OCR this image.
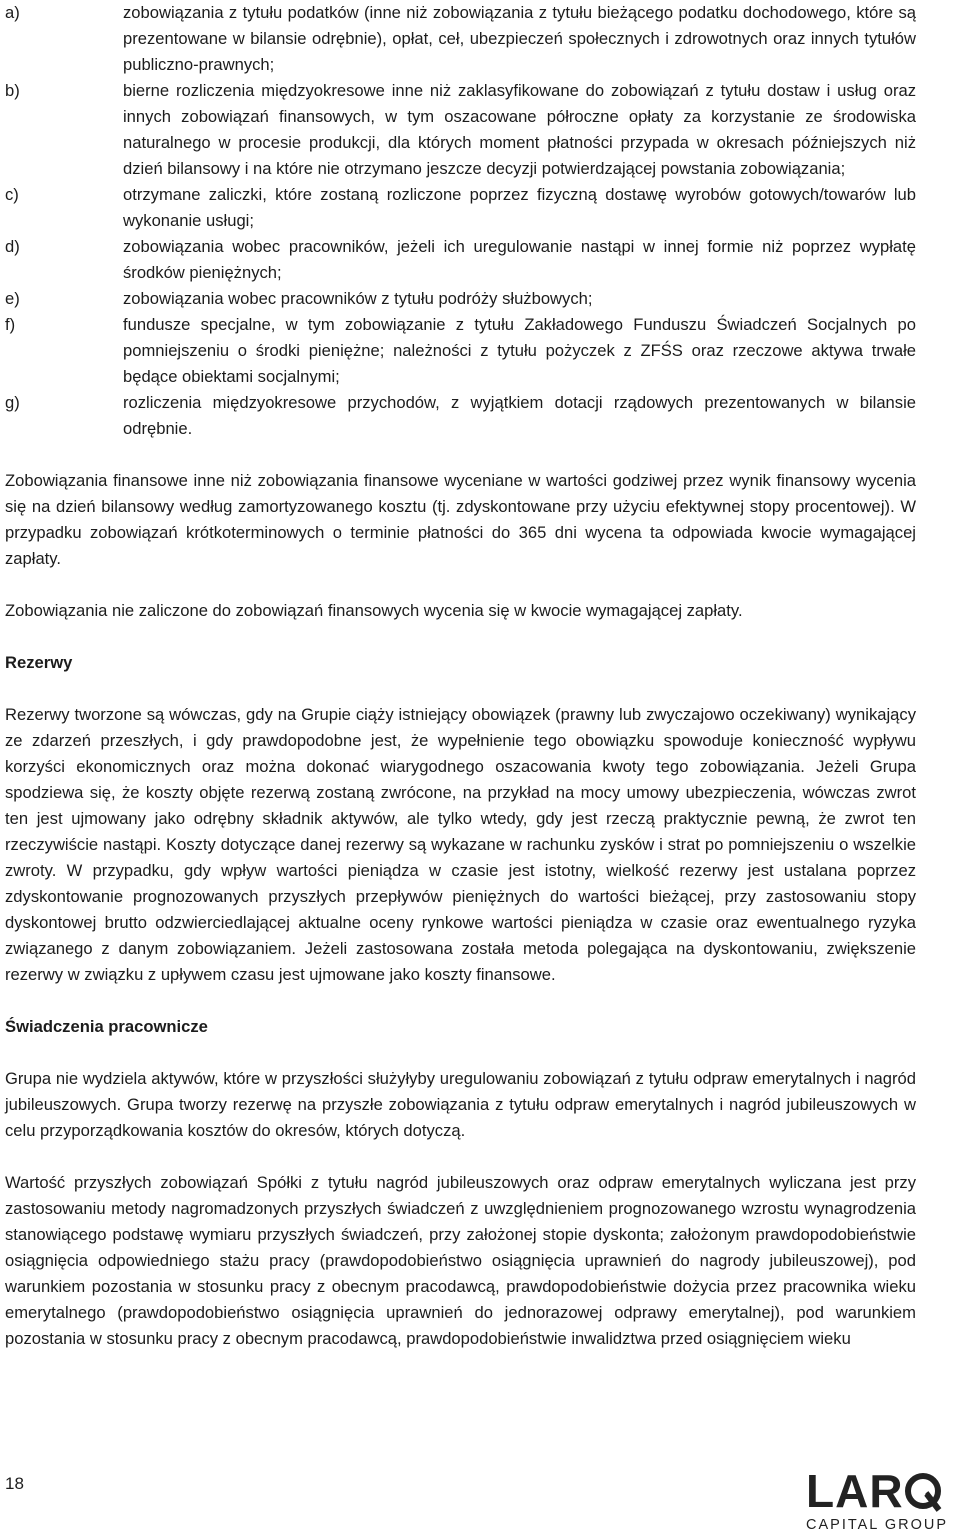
a)	zobowiązania z tytułu podatków (inne niż zobowiązania z tytułu bieżącego podatku dochodowego, które są prezentowane w bilansie odrębnie), opłat, ceł, ubezpieczeń społecznych i zdrowotnych oraz innych tytułów publiczno-prawnych;
b)	bierne rozliczenia międzyokresowe inne niż zaklasyfikowane do zobowiązań z tytułu dostaw i usług oraz innych zobowiązań finansowych, w tym oszacowane półroczne opłaty za korzystanie ze środowiska naturalnego w procesie produkcji, dla których moment płatności przypada w okresach późniejszych niż dzień bilansowy i na które nie otrzymano jeszcze decyzji potwierdzającej powstania zobowiązania;
c)	otrzymane zaliczki, które zostaną rozliczone poprzez fizyczną dostawę wyrobów gotowych/towarów lub wykonanie usługi;
d)	zobowiązania wobec pracowników, jeżeli ich uregulowanie nastąpi w innej formie niż poprzez wypłatę środków pieniężnych;
e)	zobowiązania wobec pracowników z tytułu podróży służbowych;
f)	fundusze specjalne, w tym zobowiązanie z tytułu Zakładowego Funduszu Świadczeń Socjalnych po pomniejszeniu o środki pieniężne; należności z tytułu pożyczek z ZFŚS oraz rzeczowe aktywa trwałe będące obiektami socjalnymi;
g)	rozliczenia międzyokresowe przychodów, z wyjątkiem dotacji rządowych prezentowanych w bilansie odrębnie.

Zobowiązania finansowe inne niż zobowiązania finansowe wyceniane w wartości godziwej przez wynik finansowy wycenia się na dzień bilansowy według zamortyzowanego kosztu (tj. zdyskontowane przy użyciu efektywnej stopy procentowej). W przypadku zobowiązań krótkoterminowych o terminie płatności do 365 dni wycena ta odpowiada kwocie wymagającej zapłaty.

Zobowiązania nie zaliczone do zobowiązań finansowych wycenia się w kwocie wymagającej zapłaty.

Rezerwy

Rezerwy tworzone są wówczas, gdy na Grupie ciąży istniejący obowiązek (prawny lub zwyczajowo oczekiwany) wynikający ze zdarzeń przeszłych, i gdy prawdopodobne jest, że wypełnienie tego obowiązku spowoduje konieczność wypływu korzyści ekonomicznych oraz można dokonać wiarygodnego oszacowania kwoty tego zobowiązania. Jeżeli Grupa spodziewa się, że koszty objęte rezerwą zostaną zwrócone, na przykład na mocy umowy ubezpieczenia, wówczas zwrot ten jest ujmowany jako odrębny składnik aktywów, ale tylko wtedy, gdy jest rzeczą praktycznie pewną, że zwrot ten rzeczywiście nastąpi. Koszty dotyczące danej rezerwy są wykazane w rachunku zysków i strat po pomniejszeniu o wszelkie zwroty. W przypadku, gdy wpływ wartości pieniądza w czasie jest istotny, wielkość rezerwy jest ustalana poprzez zdyskontowanie prognozowanych przyszłych przepływów pieniężnych do wartości bieżącej, przy zastosowaniu stopy dyskontowej brutto odzwierciedlającej aktualne oceny rynkowe wartości pieniądza w czasie oraz ewentualnego ryzyka związanego z danym zobowiązaniem. Jeżeli zastosowana została metoda polegająca na dyskontowaniu, zwiększenie rezerwy w związku z upływem czasu jest ujmowane jako koszty finansowe.

Świadczenia pracownicze

Grupa nie wydziela aktywów, które w przyszłości służyłyby uregulowaniu zobowiązań z tytułu odpraw emerytalnych i nagród jubileuszowych. Grupa tworzy rezerwę na przyszłe zobowiązania z tytułu odpraw emerytalnych i nagród jubileuszowych w celu przyporządkowania kosztów do okresów, których dotyczą.

Wartość przyszłych zobowiązań Spółki z tytułu nagród jubileuszowych oraz odpraw emerytalnych wyliczana jest przy zastosowaniu metody nagromadzonych przyszłych świadczeń z uwzględnieniem prognozowanego wzrostu wynagrodzenia stanowiącego podstawę wymiaru przyszłych świadczeń, przy założonej stopie dyskonta; założonym prawdopodobieństwie osiągnięcia odpowiedniego stażu pracy (prawdopodobieństwo osiągnięcia uprawnień do nagrody jubileuszowej), pod warunkiem pozostania w stosunku pracy z obecnym pracodawcą, prawdopodobieństwie dożycia przez pracownika wieku emerytalnego (prawdopodobieństwo osiągnięcia uprawnień do jednorazowej odprawy emerytalnej), pod warunkiem pozostania w stosunku pracy z obecnym pracodawcą, prawdopodobieństwie inwalidztwa przed osiągnięciem wieku

18	LAR Q
CAPITAL GROUP
